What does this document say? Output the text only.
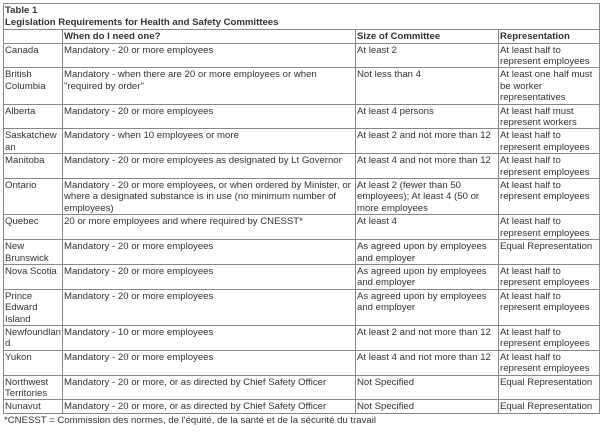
Table 1
Legislation Requirements for Health and Safety Committees			

	When do I need one?	Size of Committee	Representation
Canada	Mandatory - 20 or more employees	At least 2	At least half to represent employees
British Columbia	Mandatory - when there are 20 or more employees or when "required by order"	Not less than 4	At least one half must be worker representatives
Alberta	Mandatory - 20 or more employees	At least 4 persons	At least half must represent workers
Saskatchewan	Mandatory - when 10 employees or more	At least 2 and not more than 12	At least half to represent employees
Manitoba	Mandatory - 20 or more employees as designated by Lt Governor	At least 4 and not more than 12	At least half to represent employees
Ontario	Mandatory - 20 or more employees, or when ordered by Minister, or where a designated substance is in use (no minimum number of employees)	At least 2 (fewer than 50 employees); At least 4 (50 or more employees	At least half to represent employees
Quebec	20 or more employees and where required by CNESST*	At least 4	At least half to represent employees
New Brunswick	Mandatory - 20 or more employees	As agreed upon by employees and employer	Equal Representation
Nova Scotia	Mandatory - 20 or more employees	As agreed upon by employees and employer	At least half to represent employees
Prince Edward Island	Mandatory - 20 or more employees	As agreed upon by employees and employer	At least half to represent employees
Newfoundland	Mandatory - 10 or more employees	At least 2 and not more than 12	At least half to represent employees
Yukon	Mandatory - 20 or more employees	At least 4 and not more than 12	At least half to represent employees
Northwest Territories	Mandatory - 20 or more, or as directed by Chief Safety Officer	Not Specified	Equal Representation
Nunavut	Mandatory - 20 or more, or as directed by Chief Safety Officer	Not Specified	Equal Representation
*CNESST = Commission des normes, de l'équité, de la santé et de la sécurité du travail
